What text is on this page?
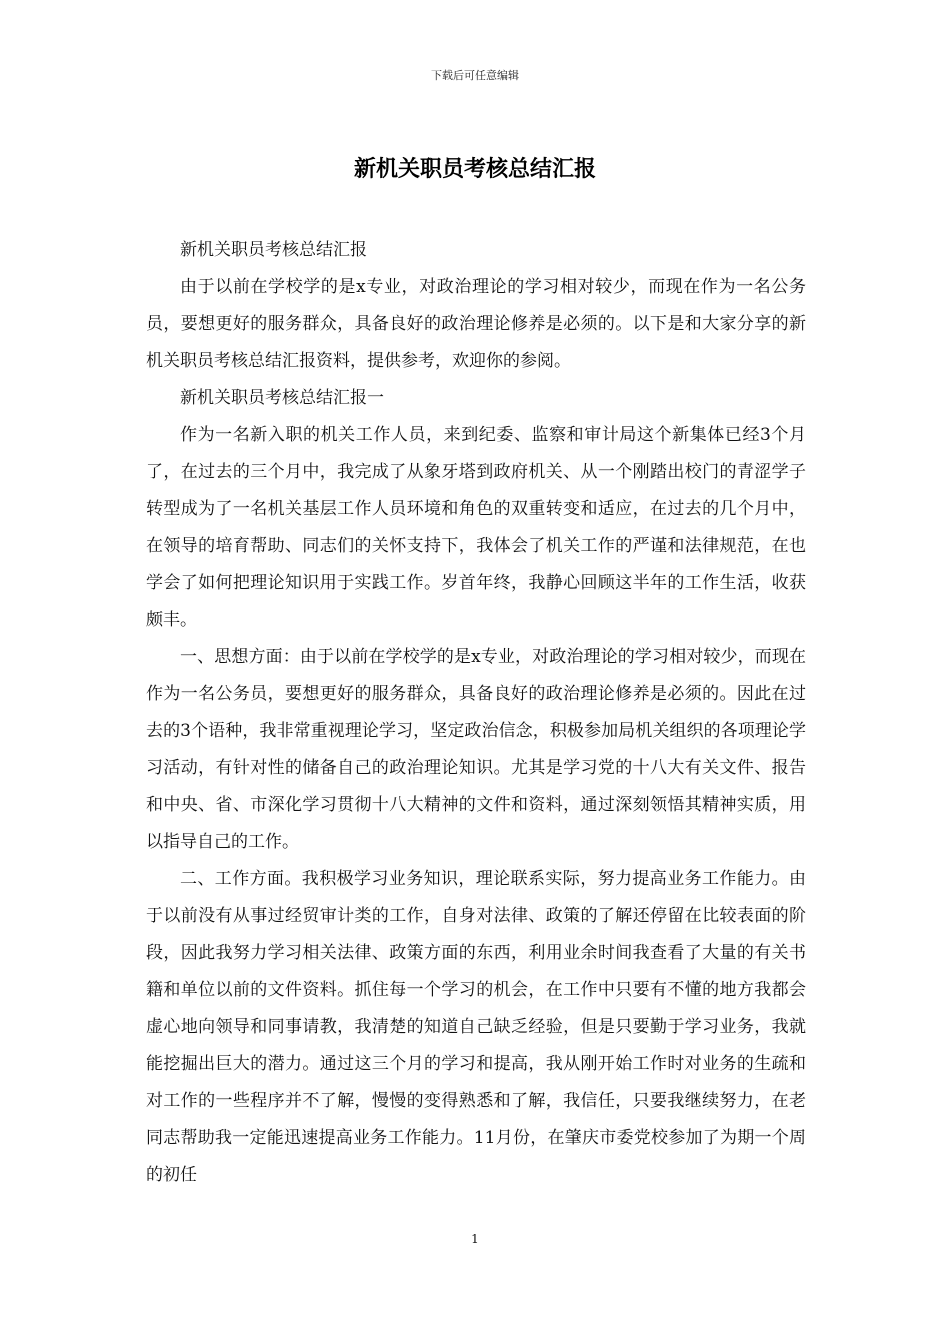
下载后可任意编辑
新机关职员考核总结汇报

新机关职员考核总结汇报

由于以前在学校学的是x专业，对政治理论的学习相对较少，而现在作为一名公务员，要想更好的服务群众，具备良好的政治理论修养是必须的。以下是和大家分享的新机关职员考核总结汇报资料，提供参考，欢迎你的参阅。

新机关职员考核总结汇报一

作为一名新入职的机关工作人员，来到纪委、监察和审计局这个新集体已经3个月了，在过去的三个月中，我完成了从象牙塔到政府机关、从一个刚踏出校门的青涩学子转型成为了一名机关基层工作人员环境和角色的双重转变和适应，在过去的几个月中，在领导的培育帮助、同志们的关怀支持下，我体会了机关工作的严谨和法律规范，在也学会了如何把理论知识用于实践工作。岁首年终，我静心回顾这半年的工作生活，收获颇丰。

一、思想方面：由于以前在学校学的是x专业，对政治理论的学习相对较少，而现在作为一名公务员，要想更好的服务群众，具备良好的政治理论修养是必须的。因此在过去的3个语种，我非常重视理论学习，坚定政治信念，积极参加局机关组织的各项理论学习活动，有针对性的储备自己的政治理论知识。尤其是学习党的十八大有关文件、报告和中央、省、市深化学习贯彻十八大精神的文件和资料，通过深刻领悟其精神实质，用以指导自己的工作。

二、工作方面。我积极学习业务知识，理论联系实际，努力提高业务工作能力。由于以前没有从事过经贸审计类的工作，自身对法律、政策的了解还停留在比较表面的阶段，因此我努力学习相关法律、政策方面的东西，利用业余时间我查看了大量的有关书籍和单位以前的文件资料。抓住每一个学习的机会，在工作中只要有不懂的地方我都会虚心地向领导和同事请教，我清楚的知道自己缺乏经验，但是只要勤于学习业务，我就能挖掘出巨大的潜力。通过这三个月的学习和提高，我从刚开始工作时对业务的生疏和对工作的一些程序并不了解，慢慢的变得熟悉和了解，我信任，只要我继续努力，在老同志帮助我一定能迅速提高业务工作能力。11月份，在肇庆市委党校参加了为期一个周的初任

1
